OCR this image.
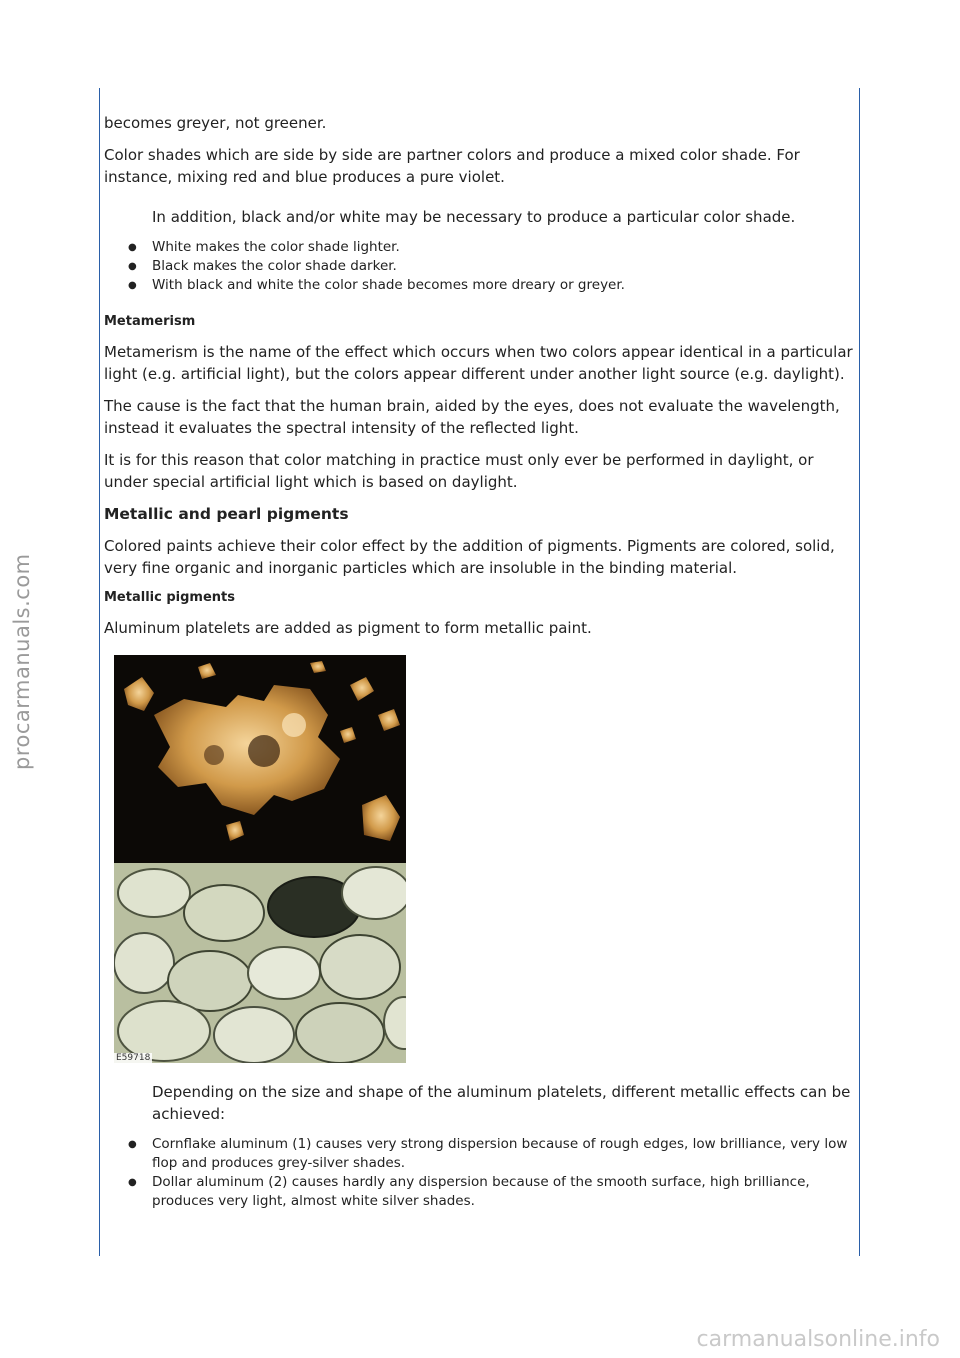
procarmanuals.com

becomes greyer, not greener.

Color shades which are side by side are partner colors and produce a mixed color shade. For instance, mixing red and blue produces a pure violet.

In addition, black and/or white may be necessary to produce a particular color shade.

● White makes the color shade lighter.
● Black makes the color shade darker.
● With black and white the color shade becomes more dreary or greyer.
Metamerism

Metamerism is the name of the effect which occurs when two colors appear identical in a particular light (e.g. artificial light), but the colors appear different under another light source (e.g. daylight).

The cause is the fact that the human brain, aided by the eyes, does not evaluate the wavelength, instead it evaluates the spectral intensity of the reflected light.

It is for this reason that color matching in practice must only ever be performed in daylight, or under special artificial light which is based on daylight.

Metallic and pearl pigments

Colored paints achieve their color effect by the addition of pigments. Pigments are colored, solid, very fine organic and inorganic particles which are insoluble in the binding material.

Metallic pigments

Aluminum platelets are added as pigment to form metallic paint.

E59718

Depending on the size and shape of the aluminum platelets, different metallic effects can be achieved:

● Cornflake aluminum (1) causes very strong dispersion because of rough edges, low brilliance, very low flop and produces grey-silver shades.
● Dollar aluminum (2) causes hardly any dispersion because of the smooth surface, high brilliance, produces very light, almost white silver shades.
carmanualsonline.info
